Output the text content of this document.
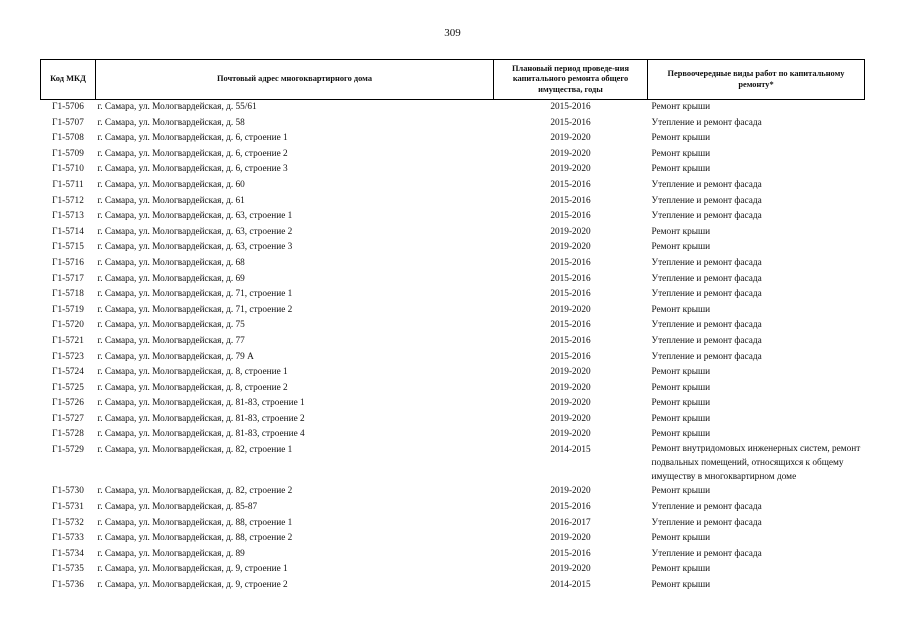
309
Код МКД	Почтовый адрес многоквартирного дома	Плановый период проведе-ния капитального ремонта общего имущества, годы	Первоочередные виды работ по капитальному ремонту*
Г1-5706	г. Самара, ул. Мологвардейская, д. 55/61	2015-2016	Ремонт крыши
Г1-5707	г. Самара, ул. Мологвардейская, д. 58	2015-2016	Утепление и ремонт фасада
Г1-5708	г. Самара, ул. Мологвардейская, д. 6, строение 1	2019-2020	Ремонт крыши
Г1-5709	г. Самара, ул. Мологвардейская, д. 6, строение 2	2019-2020	Ремонт крыши
Г1-5710	г. Самара, ул. Мологвардейская, д. 6, строение 3	2019-2020	Ремонт крыши
Г1-5711	г. Самара, ул. Мологвардейская, д. 60	2015-2016	Утепление и ремонт фасада
Г1-5712	г. Самара, ул. Мологвардейская, д. 61	2015-2016	Утепление и ремонт фасада
Г1-5713	г. Самара, ул. Мологвардейская, д. 63, строение 1	2015-2016	Утепление и ремонт фасада
Г1-5714	г. Самара, ул. Мологвардейская, д. 63, строение 2	2019-2020	Ремонт крыши
Г1-5715	г. Самара, ул. Мологвардейская, д. 63, строение 3	2019-2020	Ремонт крыши
Г1-5716	г. Самара, ул. Мологвардейская, д. 68	2015-2016	Утепление и ремонт фасада
Г1-5717	г. Самара, ул. Мологвардейская, д. 69	2015-2016	Утепление и ремонт фасада
Г1-5718	г. Самара, ул. Мологвардейская, д. 71, строение 1	2015-2016	Утепление и ремонт фасада
Г1-5719	г. Самара, ул. Мологвардейская, д. 71, строение 2	2019-2020	Ремонт крыши
Г1-5720	г. Самара, ул. Мологвардейская, д. 75	2015-2016	Утепление и ремонт фасада
Г1-5721	г. Самара, ул. Мологвардейская, д. 77	2015-2016	Утепление и ремонт фасада
Г1-5723	г. Самара, ул. Мологвардейская, д. 79 А	2015-2016	Утепление и ремонт фасада
Г1-5724	г. Самара, ул. Мологвардейская, д. 8, строение 1	2019-2020	Ремонт крыши
Г1-5725	г. Самара, ул. Мологвардейская, д. 8, строение 2	2019-2020	Ремонт крыши
Г1-5726	г. Самара, ул. Мологвардейская, д. 81-83, строение 1	2019-2020	Ремонт крыши
Г1-5727	г. Самара, ул. Мологвардейская, д. 81-83, строение 2	2019-2020	Ремонт крыши
Г1-5728	г. Самара, ул. Мологвардейская, д. 81-83, строение 4	2019-2020	Ремонт крыши
Г1-5729	г. Самара, ул. Мологвардейская, д. 82, строение 1	2014-2015	Ремонт внутридомовых инженерных систем, ремонт подвальных помещений, относящихся к общему имуществу в многоквартирном доме
Г1-5730	г. Самара, ул. Мологвардейская, д. 82, строение 2	2019-2020	Ремонт крыши
Г1-5731	г. Самара, ул. Мологвардейская, д. 85-87	2015-2016	Утепление и ремонт фасада
Г1-5732	г. Самара, ул. Мологвардейская, д. 88, строение 1	2016-2017	Утепление и ремонт фасада
Г1-5733	г. Самара, ул. Мологвардейская, д. 88, строение 2	2019-2020	Ремонт крыши
Г1-5734	г. Самара, ул. Мологвардейская, д. 89	2015-2016	Утепление и ремонт фасада
Г1-5735	г. Самара, ул. Мологвардейская, д. 9, строение 1	2019-2020	Ремонт крыши
Г1-5736	г. Самара, ул. Мологвардейская, д. 9, строение 2	2014-2015	Ремонт крыши
